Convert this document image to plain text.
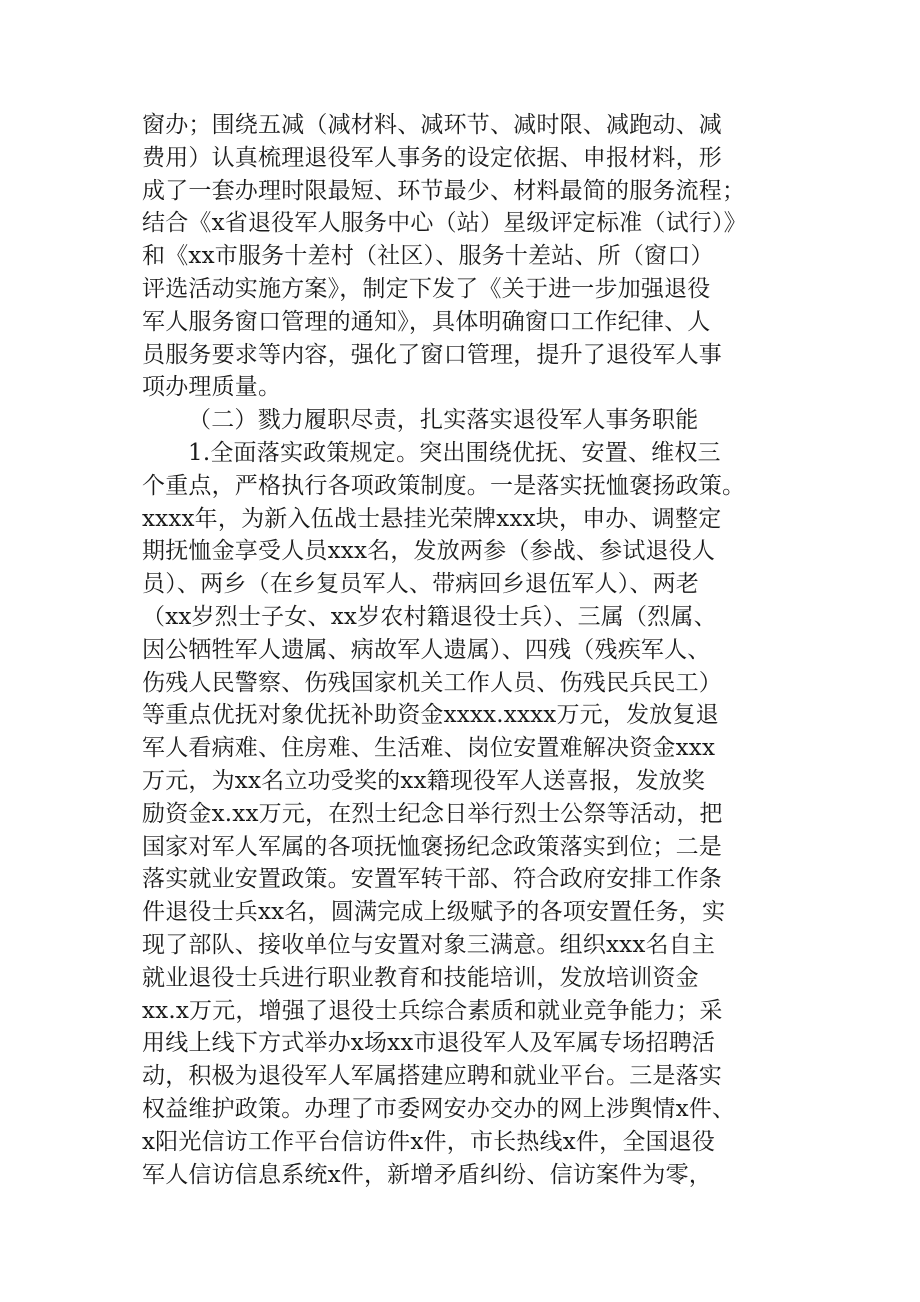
窗办；围绕五减（减材料、减环节、减时限、减跑动、减
费用）认真梳理退役军人事务的设定依据、申报材料，形
成了一套办理时限最短、环节最少、材料最简的服务流程；
结合《x省退役军人服务中心（站）星级评定标准（试行）》
和《xx市服务十差村（社区）、服务十差站、所（窗口）
评选活动实施方案》，制定下发了《关于进一步加强退役
军人服务窗口管理的通知》，具体明确窗口工作纪律、人
员服务要求等内容，强化了窗口管理，提升了退役军人事
项办理质量。
（二）戮力履职尽责，扎实落实退役军人事务职能
1.全面落实政策规定。突出围绕优抚、安置、维权三
个重点，严格执行各项政策制度。一是落实抚恤褒扬政策。
xxxx年，为新入伍战士悬挂光荣牌xxx块，申办、调整定
期抚恤金享受人员xxx名，发放两参（参战、参试退役人
员）、两乡（在乡复员军人、带病回乡退伍军人）、两老
（xx岁烈士子女、xx岁农村籍退役士兵）、三属（烈属、
因公牺牲军人遗属、病故军人遗属）、四残（残疾军人、
伤残人民警察、伤残国家机关工作人员、伤残民兵民工）
等重点优抚对象优抚补助资金xxxx.xxxx万元，发放复退
军人看病难、住房难、生活难、岗位安置难解决资金xxx
万元，为xx名立功受奖的xx籍现役军人送喜报，发放奖
励资金x.xx万元，在烈士纪念日举行烈士公祭等活动，把
国家对军人军属的各项抚恤褒扬纪念政策落实到位；二是
落实就业安置政策。安置军转干部、符合政府安排工作条
件退役士兵xx名，圆满完成上级赋予的各项安置任务，实
现了部队、接收单位与安置对象三满意。组织xxx名自主
就业退役士兵进行职业教育和技能培训，发放培训资金
xx.x万元，增强了退役士兵综合素质和就业竞争能力；采
用线上线下方式举办x场xx市退役军人及军属专场招聘活
动，积极为退役军人军属搭建应聘和就业平台。三是落实
权益维护政策。办理了市委网安办交办的网上涉舆情x件、
x阳光信访工作平台信访件x件，市长热线x件，全国退役
军人信访信息系统x件，新增矛盾纠纷、信访案件为零，
